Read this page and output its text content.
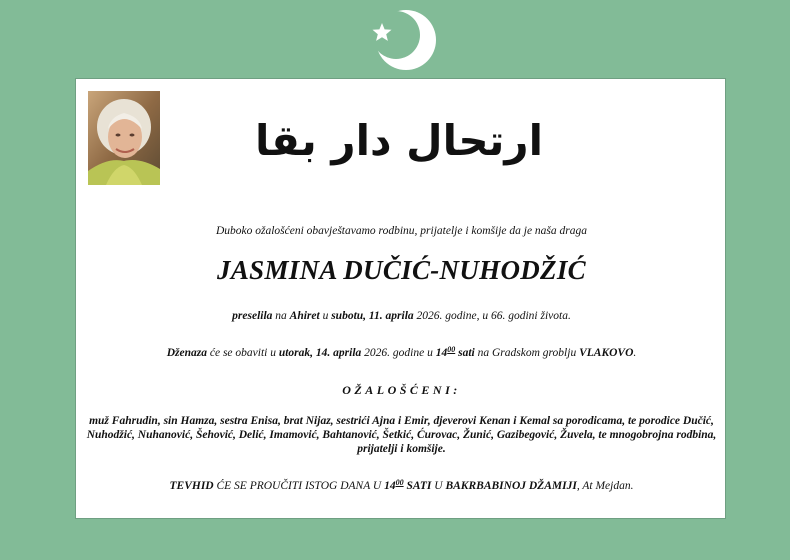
ارتحال دار بقا
Duboko ožalošćeni obavještavamo rodbinu, prijatelje i komšije da je naša draga
JASMINA DUČIĆ-NUHODŽIĆ
preselila na Ahiret u subotu, 11. aprila 2026. godine, u 66. godini života.
Dženaza će se obaviti u utorak, 14. aprila 2026. godine u $14^{00}$ sati na Gradskom groblju VLAKOVO.
OŽALOŠĆENI:
muž Fahrudin, sin Hamza, sestra Enisa, brat Nijaz, sestrići Ajna i Emir, djeverovi Kenan i Kemal sa porodicama, te porodice Dučić, Nuhodžić, Nuhanović, Šehović, Delić, Imamović, Bahtanović, Šetkić, Ćurovac, Žunić, Gazibegović, Žuvela, te mnogobrojna rodbina, prijatelji i komšije.
TEVHID ĆE SE PROUČITI ISTOG DANA U $14^{00}$ SATI U BAKRBABINOJ DŽAMIJI, At Mejdan.
